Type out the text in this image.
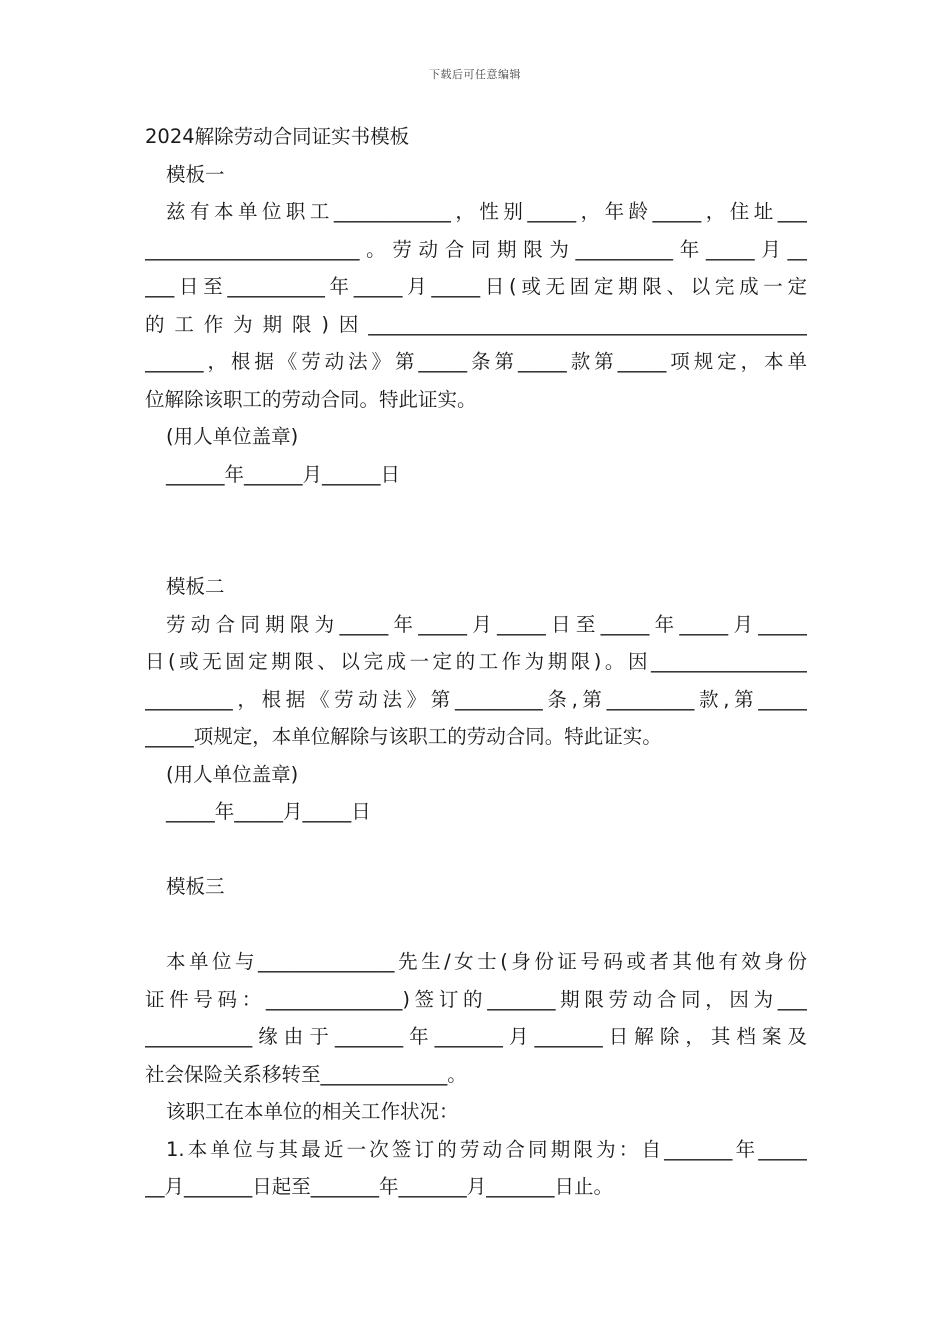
下载后可任意编辑
2024解除劳动合同证实书模板
模板一
兹有本单位职工____________，性别_____，年龄_____，住址___
______________________。劳动合同期限为__________年_____月__
___日至__________年_____月_____日(或无固定期限、以完成一定
的工作为期限)因_____________________________________________
______，根据《劳动法》第_____条第_____款第_____项规定，本单
位解除该职工的劳动合同。特此证实。
(用人单位盖章)
______年______月______日
模板二
劳动合同期限为_____年_____月_____日至_____年_____月_____
日(或无固定期限、以完成一定的工作为期限)。因________________
_________，根据《劳动法》第_________条,第_________款,第_____
_____项规定，本单位解除与该职工的劳动合同。特此证实。
(用人单位盖章)
_____年_____月_____日
模板三
本单位与______________先生/女士(身份证号码或者其他有效身份
证件号码：______________)签订的_______期限劳动合同，因为___
___________缘由于_______年_______月_______日解除，其档案及
社会保险关系移转至_____________。
该职工在本单位的相关工作状况：
1.本单位与其最近一次签订的劳动合同期限为：自_______年_____
__月_______日起至_______年_______月_______日止。
